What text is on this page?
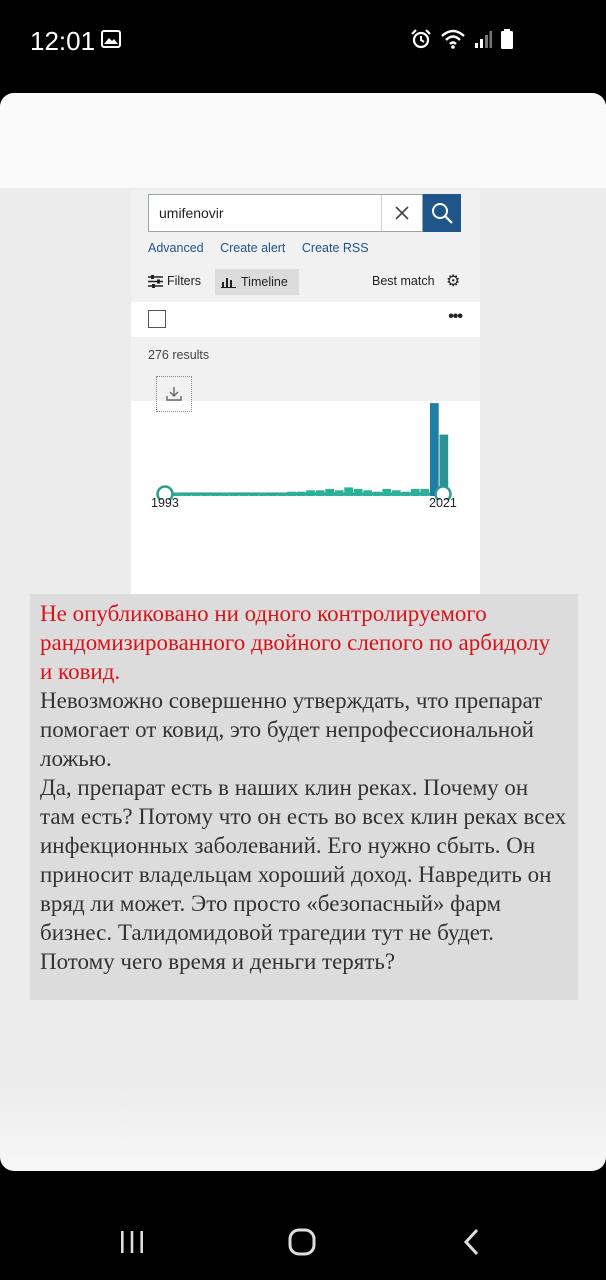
12:01
umifenovir
Advanced Create alert Create RSS
Filters	Timeline	Best match ⚙
•••
276 results
1993	2021

Не опубликовано ни одного контролируемого рандомизированного двойного слепого по арбидолу и ковид.

Невозможно совершенно утверждать, что препарат помогает от ковид, это будет непрофессиональной ложью.

Да, препарат есть в наших клин реках. Почему он там есть? Потому что он есть во всех клин реках всех инфекционных заболеваний. Его нужно сбыть. Он приносит владельцам хороший доход. Навредить он вряд ли может. Это просто «безопасный» фарм бизнес. Талидомидовой трагедии тут не будет. Потому чего время и деньги терять?
